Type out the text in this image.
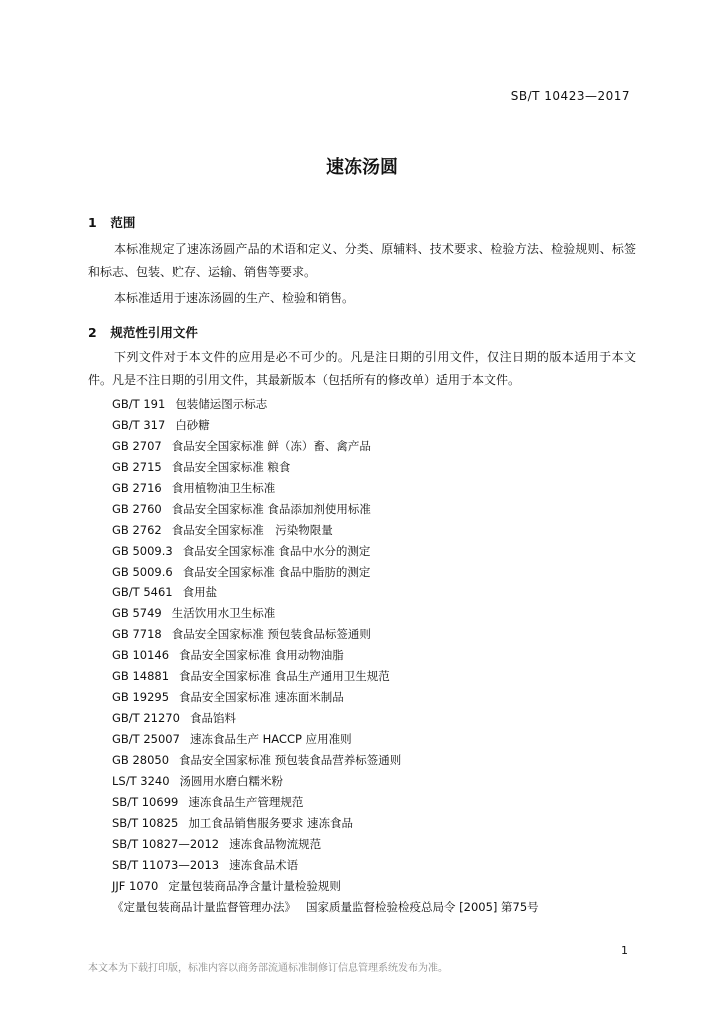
SB/T 10423—2017
速冻汤圆
1 范围
本标准规定了速冻汤圆产品的术语和定义、分类、原辅料、技术要求、检验方法、检验规则、标签和标志、包装、贮存、运输、销售等要求。
本标准适用于速冻汤圆的生产、检验和销售。
2 规范性引用文件
下列文件对于本文件的应用是必不可少的。凡是注日期的引用文件，仅注日期的版本适用于本文件。凡是不注日期的引用文件，其最新版本（包括所有的修改单）适用于本文件。
GB/T 191 包装储运图示标志
GB/T 317 白砂糖
GB 2707 食品安全国家标准 鲜（冻）畜、禽产品
GB 2715 食品安全国家标准 粮食
GB 2716 食用植物油卫生标准
GB 2760 食品安全国家标准 食品添加剂使用标准
GB 2762 食品安全国家标准　污染物限量
GB 5009.3 食品安全国家标准 食品中水分的测定
GB 5009.6 食品安全国家标准 食品中脂肪的测定
GB/T 5461 食用盐
GB 5749 生活饮用水卫生标准
GB 7718 食品安全国家标准 预包装食品标签通则
GB 10146 食品安全国家标准 食用动物油脂
GB 14881 食品安全国家标准 食品生产通用卫生规范
GB 19295 食品安全国家标准 速冻面米制品
GB/T 21270 食品馅料
GB/T 25007 速冻食品生产 HACCP 应用准则
GB 28050 食品安全国家标准 预包装食品营养标签通则
LS/T 3240 汤圆用水磨白糯米粉
SB/T 10699 速冻食品生产管理规范
SB/T 10825 加工食品销售服务要求 速冻食品
SB/T 10827—2012 速冻食品物流规范
SB/T 11073—2013 速冻食品术语
JJF 1070 定量包装商品净含量计量检验规则
《定量包装商品计量监督管理办法》 国家质量监督检验检疫总局令 [2005] 第75号
1
本文本为下载打印版，标准内容以商务部流通标准制修订信息管理系统发布为准。
